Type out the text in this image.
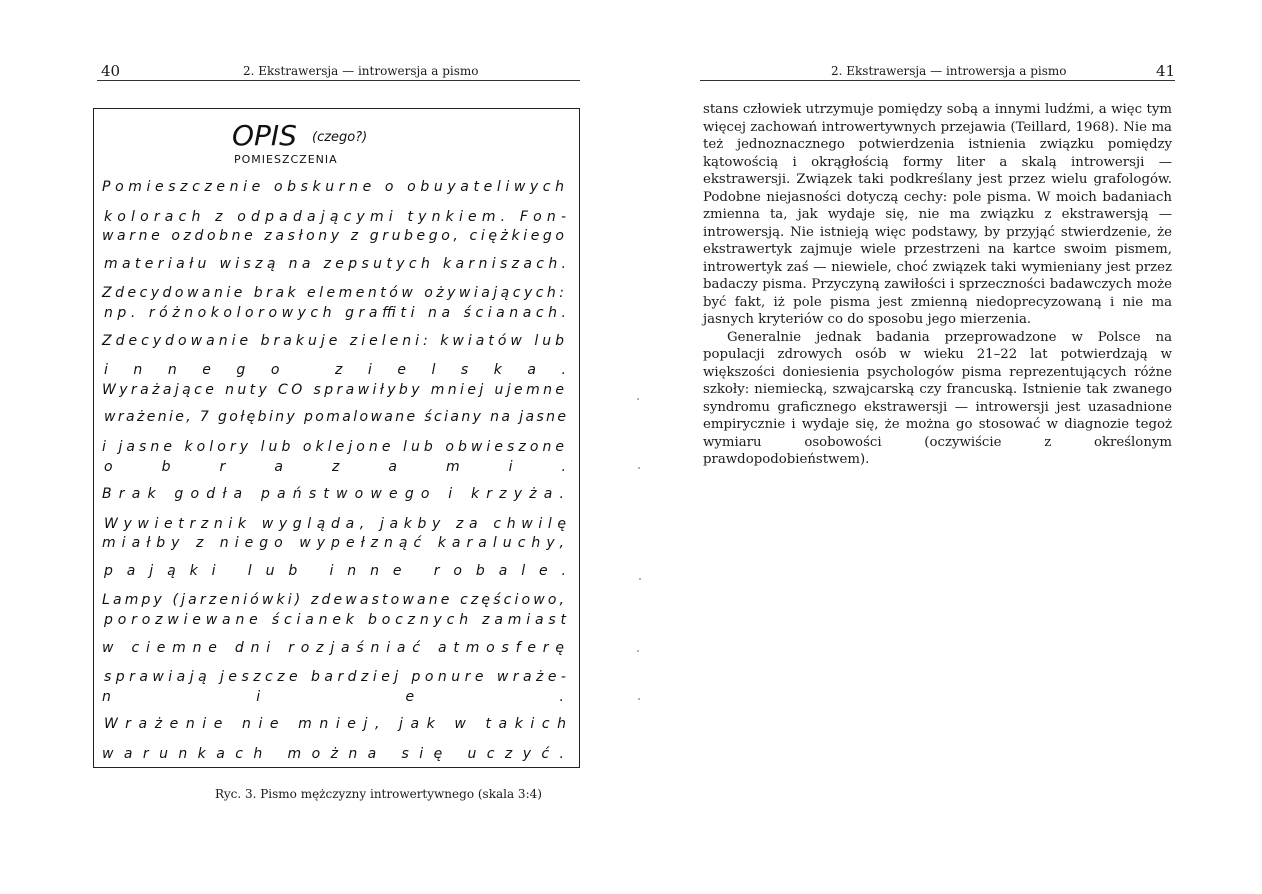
40	2. Ekstrawersja — introwersja a pismo
OPIS (czego?)
POMIESZCZENIA
Pomieszczenie obskurne o obuyateliwych
kolorach z odpadającymi tynkiem. Fon-
warne ozdobne zasłony z grubego, ciężkiego
materiału wiszą na zepsutych karniszach.
Zdecydowanie brak elementów ożywiających:
np. różnokolorowych graffiti na ścianach.
Zdecydowanie brakuje zieleni: kwiatów lub
innego zielska.
Wyrażające nuty CO sprawiłyby mniej ujemne
wrażenie, 7 gołębiny pomalowane ściany na jasne
i jasne kolory lub oklejone lub obwieszone
obrazami.
Brak godła państwowego i krzyża.
Wywietrznik wygląda, jakby za chwilę
miałby z niego wypełznąć karaluchy,
pająki lub inne robale.
Lampy (jarzeniówki) zdewastowane częściowo,
porozwiewane ścianek bocznych zamiast
w ciemne dni rozjaśniać atmosferę
sprawiają jeszcze bardziej ponure wraże-
nie.
Wrażenie nie mniej, jak w takich
warunkach można się uczyć.
Ryc. 3. Pismo mężczyzny introwertywnego (skala 3:4)
2. Ekstrawersja — introwersja a pismo	41

stans człowiek utrzymuje pomiędzy sobą a innymi ludźmi, a więc tym więcej zachowań introwertywnych przejawia (Teillard, 1968). Nie ma też jednoznacznego potwierdzenia istnienia związku pomiędzy kątowością i okrągłością formy liter a skalą introwersji — ekstrawersji. Związek taki podkreślany jest przez wielu grafologów. Podobne niejasności dotyczą cechy: pole pisma. W moich badaniach zmienna ta, jak wydaje się, nie ma związku z ekstrawersją — introwersją. Nie istnieją więc podstawy, by przyjąć stwierdzenie, że ekstrawertyk zajmuje wiele przestrzeni na kartce swoim pismem, introwertyk zaś — niewiele, choć związek taki wymieniany jest przez badaczy pisma. Przyczyną zawiłości i sprzeczności badawczych może być fakt, iż pole pisma jest zmienną niedoprecyzowaną i nie ma jasnych kryteriów co do sposobu jego mierzenia.

Generalnie jednak badania przeprowadzone w Polsce na populacji zdrowych osób w wieku 21–22 lat potwierdzają w większości doniesienia psychologów pisma reprezentujących różne szkoły: niemiecką, szwajcarską czy francuską. Istnienie tak zwanego syndromu graficznego ekstrawersji — introwersji jest uzasadnione empirycznie i wydaje się, że można go stosować w diagnozie tegoż wymiaru osobowości (oczywiście z określonym prawdopodobieństwem).
